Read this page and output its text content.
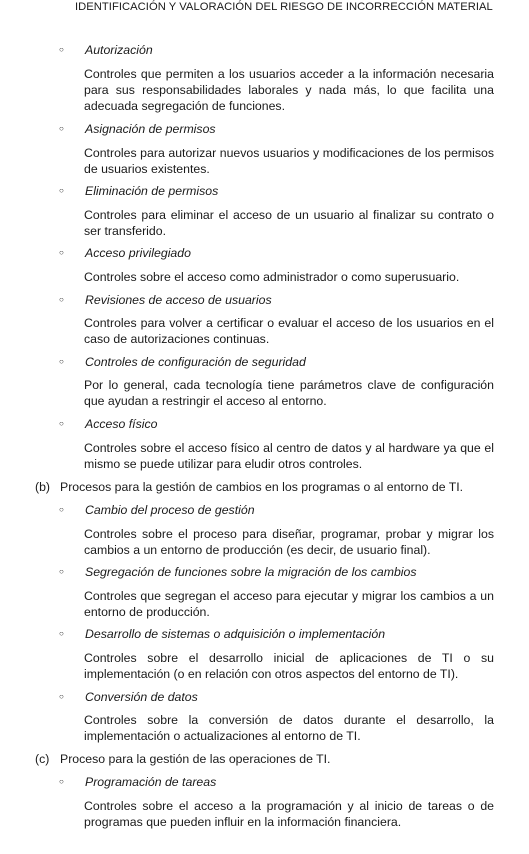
IDENTIFICACIÓN Y VALORACIÓN DEL RIESGO DE INCORRECCIÓN MATERIAL
○ Autorización
Controles que permiten a los usuarios acceder a la información necesaria para sus responsabilidades laborales y nada más, lo que facilita una adecuada segregación de funciones.
○ Asignación de permisos
Controles para autorizar nuevos usuarios y modificaciones de los permisos de usuarios existentes.
○ Eliminación de permisos
Controles para eliminar el acceso de un usuario al finalizar su contrato o ser transferido.
○ Acceso privilegiado
Controles sobre el acceso como administrador o como superusuario.
○ Revisiones de acceso de usuarios
Controles para volver a certificar o evaluar el acceso de los usuarios en el caso de autorizaciones continuas.
○ Controles de configuración de seguridad
Por lo general, cada tecnología tiene parámetros clave de configuración que ayudan a restringir el acceso al entorno.
○ Acceso físico
Controles sobre el acceso físico al centro de datos y al hardware ya que el mismo se puede utilizar para eludir otros controles.
(b) Procesos para la gestión de cambios en los programas o al entorno de TI.
○ Cambio del proceso de gestión
Controles sobre el proceso para diseñar, programar, probar y migrar los cambios a un entorno de producción (es decir, de usuario final).
○ Segregación de funciones sobre la migración de los cambios
Controles que segregan el acceso para ejecutar y migrar los cambios a un entorno de producción.
○ Desarrollo de sistemas o adquisición o implementación
Controles sobre el desarrollo inicial de aplicaciones de TI o su implementación (o en relación con otros aspectos del entorno de TI).
○ Conversión de datos
Controles sobre la conversión de datos durante el desarrollo, la implementación o actualizaciones al entorno de TI.
(c) Proceso para la gestión de las operaciones de TI.
○ Programación de tareas
Controles sobre el acceso a la programación y al inicio de tareas o de programas que pueden influir en la información financiera.
